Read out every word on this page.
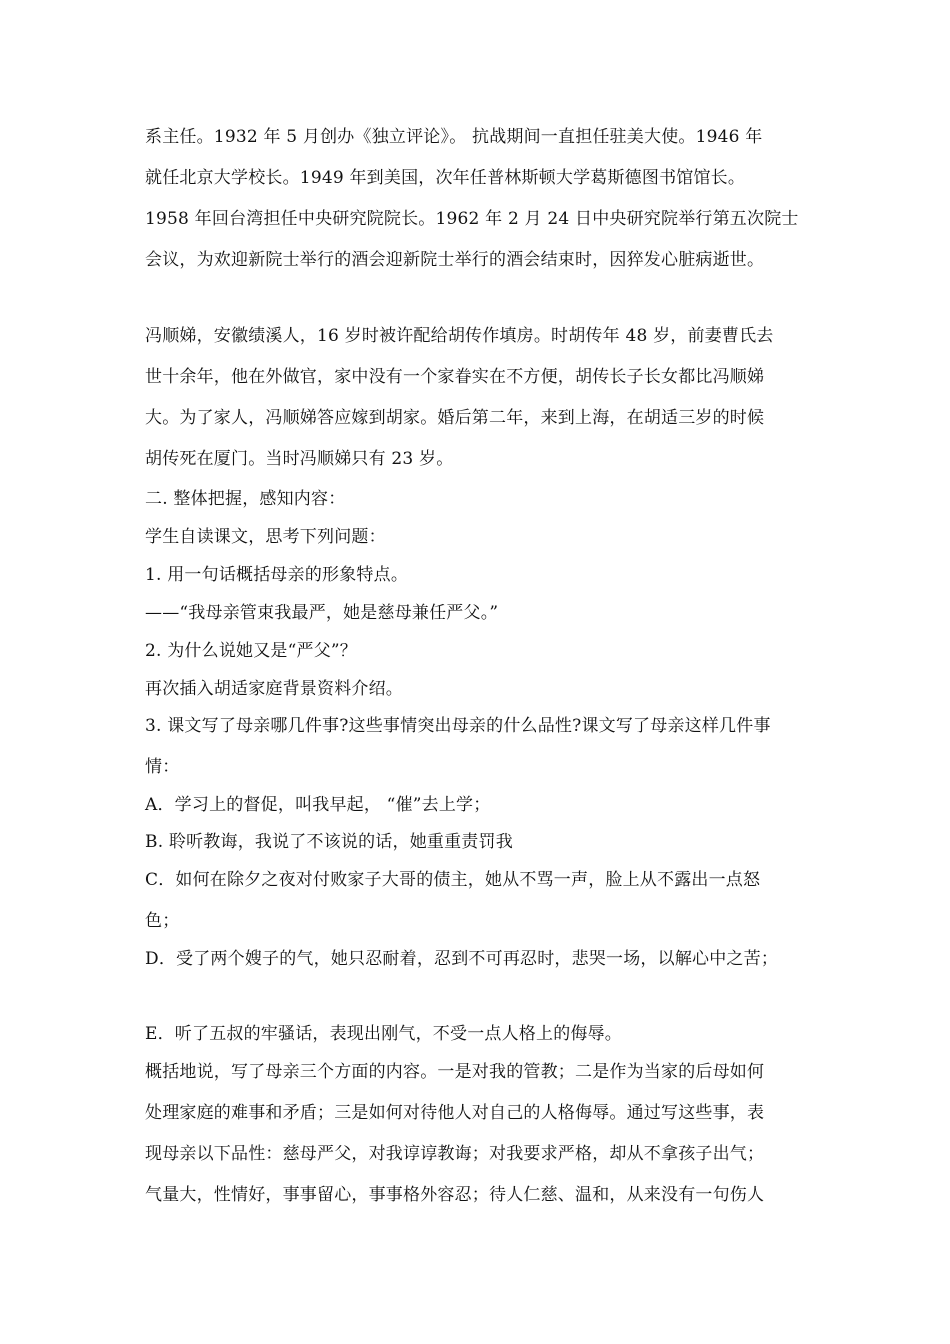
系主任。1932 年 5 月创办《独立评论》。 抗战期间一直担任驻美大使。1946 年
就任北京大学校长。1949 年到美国，次年任普林斯顿大学葛斯德图书馆馆长。
1958 年回台湾担任中央研究院院长。1962 年 2 月 24 日中央研究院举行第五次院士
会议，为欢迎新院士举行的酒会迎新院士举行的酒会结束时，因猝发心脏病逝世。
冯顺娣，安徽绩溪人，16 岁时被许配给胡传作填房。时胡传年 48 岁，前妻曹氏去
世十余年，他在外做官，家中没有一个家眷实在不方便，胡传长子长女都比冯顺娣
大。为了家人，冯顺娣答应嫁到胡家。婚后第二年，来到上海，在胡适三岁的时候
胡传死在厦门。当时冯顺娣只有 23 岁。
二. 整体把握，感知内容：
学生自读课文，思考下列问题：
1. 用一句话概括母亲的形象特点。
——“我母亲管束我最严，她是慈母兼任严父。”
2. 为什么说她又是“严父”？
再次插入胡适家庭背景资料介绍。
3. 课文写了母亲哪几件事?这些事情突出母亲的什么品性?课文写了母亲这样几件事
情：
A．学习上的督促，叫我早起， “催”去上学；
B. 聆听教诲，我说了不该说的话，她重重责罚我
C．如何在除夕之夜对付败家子大哥的债主，她从不骂一声，脸上从不露出一点怒
色；
D．受了两个嫂子的气，她只忍耐着，忍到不可再忍时，悲哭一场，以解心中之苦；
E．听了五叔的牢骚话，表现出刚气，不受一点人格上的侮辱。
概括地说，写了母亲三个方面的内容。一是对我的管教；二是作为当家的后母如何
处理家庭的难事和矛盾；三是如何对待他人对自己的人格侮辱。通过写这些事，表
现母亲以下品性：慈母严父，对我谆谆教诲；对我要求严格，却从不拿孩子出气；
气量大，性情好，事事留心，事事格外容忍；待人仁慈、温和，从来没有一句伤人
